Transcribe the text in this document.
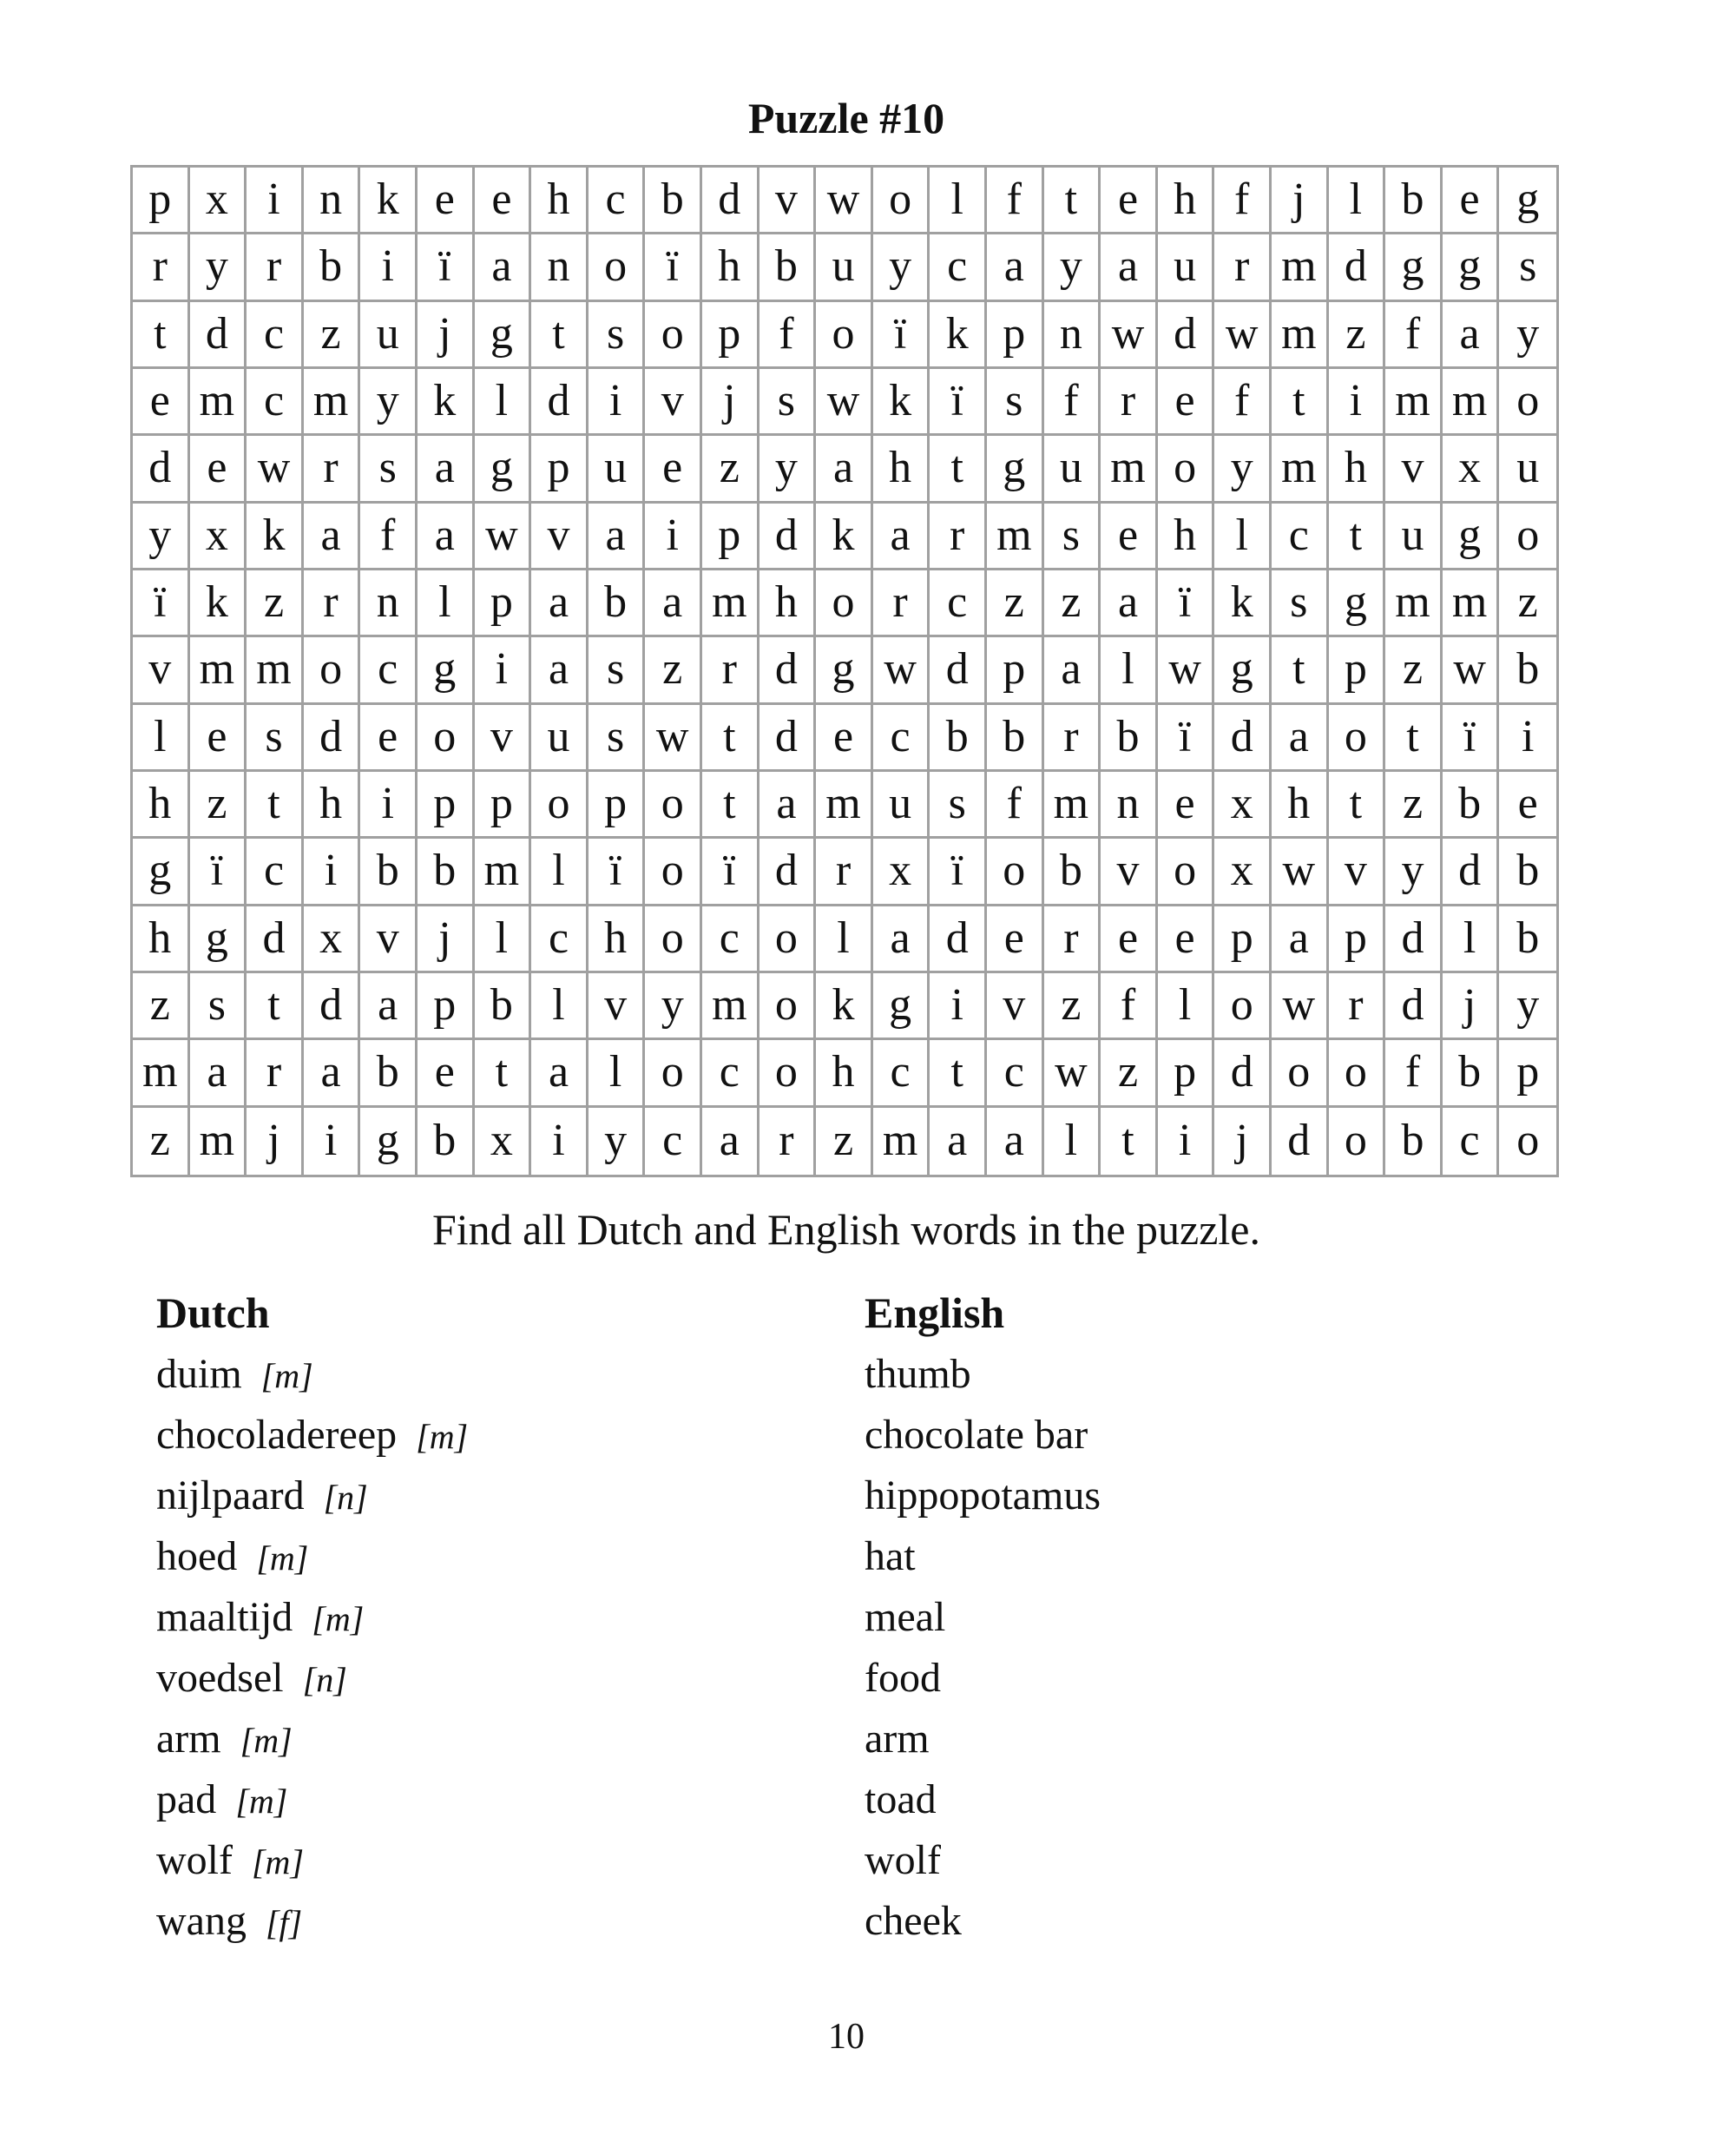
Puzzle #10
p x i n k e e h c b d v w o l f t e h f j l b e g
r y r b i ï a n o ï h b u y c a y a u r m d g g s
t d c z u j g t s o p f o ï k p n w d w m z f a y
e m c m y k l d i v j s w k ï s f r e f t i m m o
d e w r s a g p u e z y a h t g u m o y m h v x u
y x k a f a w v a i p d k a r m s e h l c t u g o
ï k z r n l p a b a m h o r c z z a ï k s g m m z
v m m o c g i a s z r d g w d p a l w g t p z w b
l e s d e o v u s w t d e c b b r b ï d a o t ï	i
h z t h i p p o p o t a m u s f m n e x h t z b e
g ï c i b b m l ï o ï d r x ï o b v o x w v y d b
h g d x v j l c h o c o l a d e r e e p a p d l b
z s t d a p b l v y m o k g i v z f l o w r d j y
m a r a b e t a l o c o h c t c w z p d o o f b p
z m j i g b x i y c a r z m a a l t i j d o b c o
Find all Dutch and English words in the puzzle.
Dutch
duim [m]
chocoladereep [m]
nijlpaard [n]
hoed [m]
maaltijd [m]
voedsel [n]
arm [m]
pad [m]
wolf [m]
wang [f]
English
thumb
chocolate bar
hippopotamus
hat
meal
food
arm
toad
wolf
cheek
10
